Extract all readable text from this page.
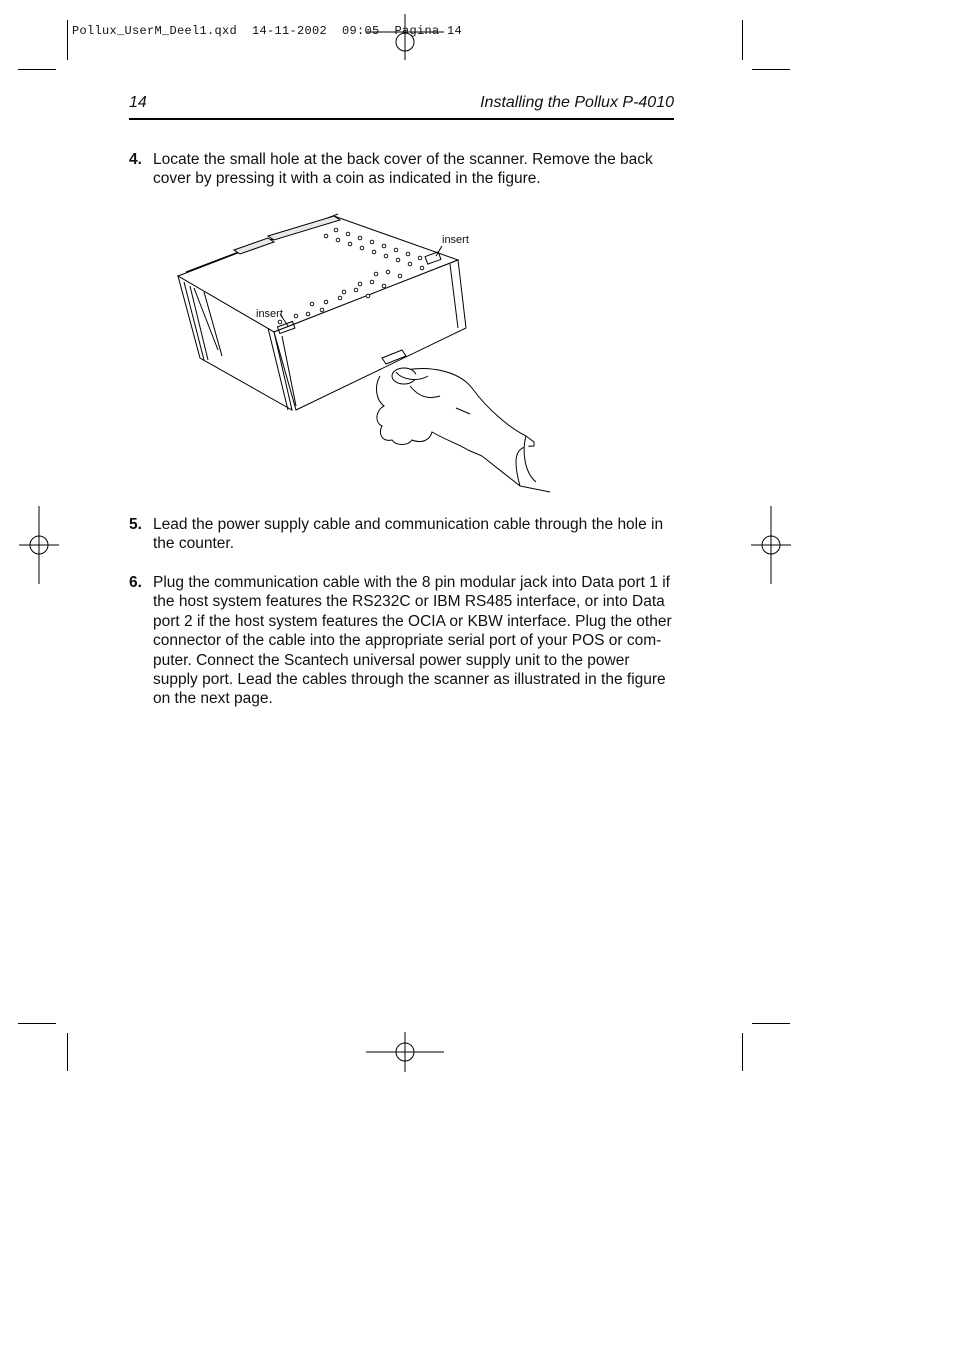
Pollux_UserM_Deel1.qxd  14-11-2002  09:05  Pagina 14
14	Installing the Pollux P-4010
4. Locate the small hole at the back cover of the scanner. Remove the back cover by pressing it with a coin as indicated in the figure.
insert
insert
5. Lead the power supply cable and communication cable through the hole in the counter.
6. Plug the communication cable with the 8 pin modular jack into Data port 1 if the host system features the RS232C or IBM RS485 interface, or into Data port 2 if the host system features the OCIA or KBW interface. Plug the other connector of the cable into the appropriate serial port of your POS or com-puter. Connect the Scantech universal power supply unit to the power supply port. Lead the cables through the scanner as illustrated in the figure on the next page.
